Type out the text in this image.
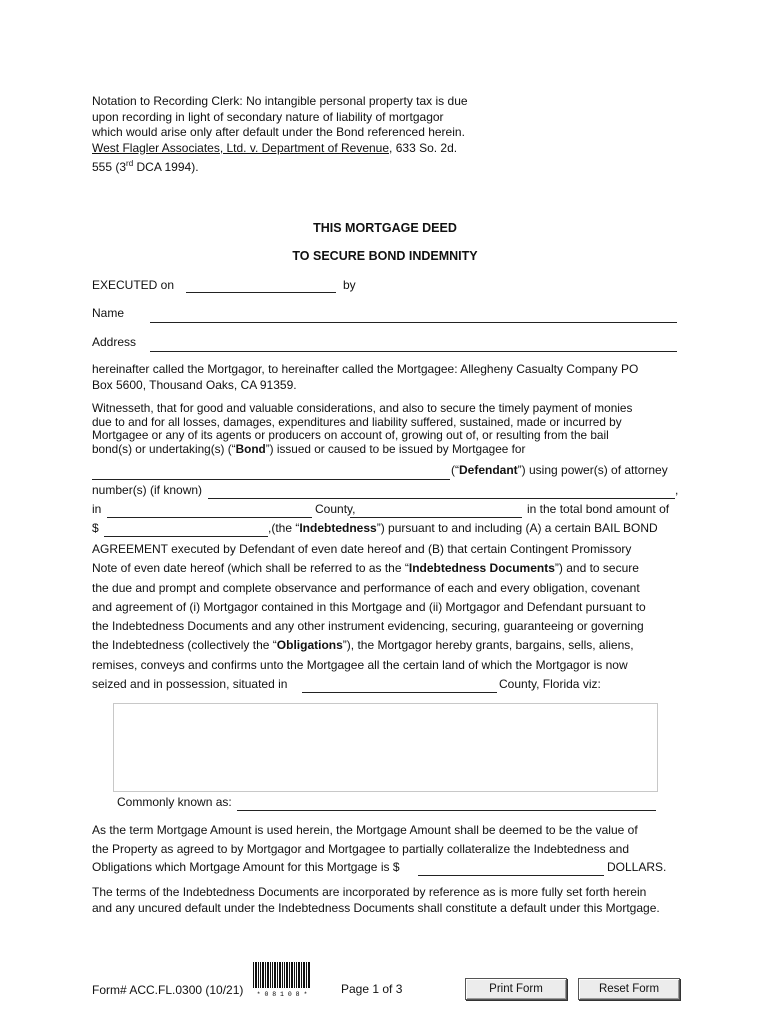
Notation to Recording Clerk: No intangible personal property tax is due
upon recording in light of secondary nature of liability of mortgagor
which would arise only after default under the Bond referenced herein.
West Flagler Associates, Ltd. v. Department of Revenue, 633 So. 2d.
555 (3rd DCA 1994).
THIS MORTGAGE DEED
TO SECURE BOND INDEMNITY
EXECUTED on	by
Name
Address
hereinafter called the Mortgagor, to hereinafter called the Mortgagee: Allegheny Casualty Company PO
Box 5600, Thousand Oaks, CA 91359.
Witnesseth, that for good and valuable considerations, and also to secure the timely payment of monies
due to and for all losses, damages, expenditures and liability suffered, sustained, made or incurred by
Mortgagee or any of its agents or producers on account of, growing out of, or resulting from the bail
bond(s) or undertaking(s) (“Bond”) issued or caused to be issued by Mortgagee for
(“Defendant”) using power(s) of attorney
number(s) (if known)	,
in	County,	in the total bond amount of
$	,(the “Indebtedness”) pursuant to and including (A) a certain BAIL BOND
AGREEMENT executed by Defendant of even date hereof and (B) that certain Contingent Promissory
Note of even date hereof (which shall be referred to as the “Indebtedness Documents”) and to secure
the due and prompt and complete observance and performance of each and every obligation, covenant
and agreement of (i) Mortgagor contained in this Mortgage and (ii) Mortgagor and Defendant pursuant to
the Indebtedness Documents and any other instrument evidencing, securing, guaranteeing or governing
the Indebtedness (collectively the “Obligations”), the Mortgagor hereby grants, bargains, sells, aliens,
remises, conveys and confirms unto the Mortgagee all the certain land of which the Mortgagor is now
seized and in possession, situated in	County, Florida viz:
Commonly known as:
As the term Mortgage Amount is used herein, the Mortgage Amount shall be deemed to be the value of
the Property as agreed to by Mortgagor and Mortgagee to partially collateralize the Indebtedness and
Obligations which Mortgage Amount for this Mortgage is $	DOLLARS.
The terms of the Indebtedness Documents are incorporated by reference as is more fully set forth herein
and any uncured default under the Indebtedness Documents shall constitute a default under this Mortgage.
Form# ACC.FL.0300 (10/21) * 0 8 1 0 8 *	Page 1 of 3	Print Form	Reset Form
